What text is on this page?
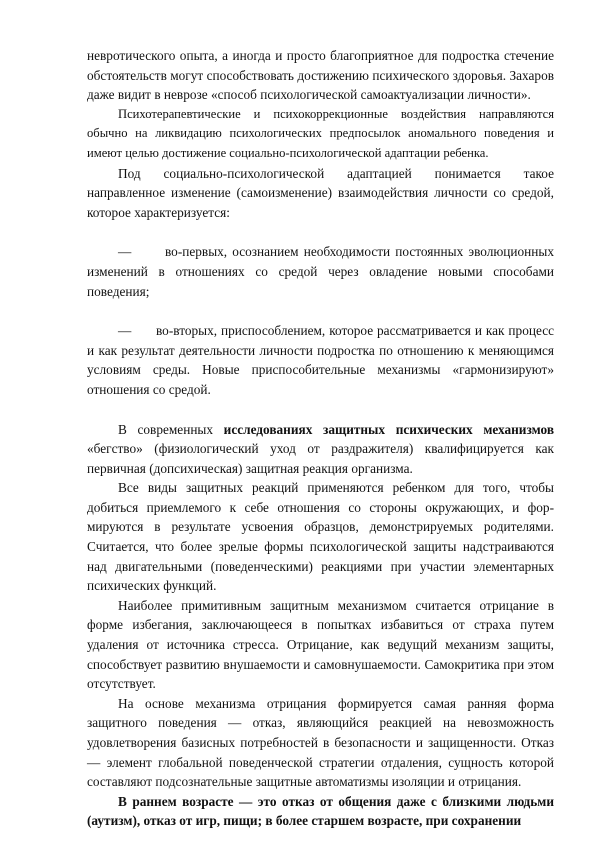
невротического опыта, а иногда и просто благоприятное для подростка стечение обстоятельств могут способствовать достижению психического здоровья. Захаров даже видит в неврозе «способ психологической самоактуализации личности».

Психотерапевтические и психокоррекционные воздействия направляются обычно на ликвидацию психологических предпосылок аномального поведения и имеют целью достижение социально-психологической адаптации ребенка.

Под социально-психологической адаптацией понимается такое направленное изменение (самоизменение) взаимодействия личности со средой, которое характеризуется:

—	во-первых, осознанием необходимости постоянных эволюционных изменений в отношениях со средой через овладение новыми способами поведения;

— во-вторых, приспособлением, которое рассматривается и как процесс и как результат деятельности личности подростка по отношению к меняющимся условиям среды. Новые приспособительные механизмы «гармонизируют» отношения со средой.

В современных исследованиях защитных психических механизмов «бегство» (физиологический уход от раздражителя) квалифицируется как первичная (допсихическая) защитная реакция организма.

Все виды защитных реакций применяются ребенком для того, чтобы добиться приемлемого к себе отношения со стороны окружающих, и фор-мируются в результате усвоения образцов, демонстрируемых родителями. Считается, что более зрелые формы психологической защиты надстраиваются над двигательными (поведенческими) реакциями при участии элементарных психических функций.

Наиболее примитивным защитным механизмом считается отрицание в форме избегания, заключающееся в попытках избавиться от страха путем удаления от источника стресса. Отрицание, как ведущий механизм защиты, способствует развитию внушаемости и самовнушаемости. Самокритика при этом отсутствует.

На основе механизма отрицания формируется самая ранняя форма защитного поведения — отказ, являющийся реакцией на невозможность удовлетворения базисных потребностей в безопасности и защищенности. Отказ — элемент глобальной поведенческой стратегии отдаления, сущность которой составляют подсознательные защитные автоматизмы изоляции и отрицания.

В раннем возрасте — это отказ от общения даже с близкими людьми (аутизм), отказ от игр, пищи; в более старшем возрасте, при сохранении
